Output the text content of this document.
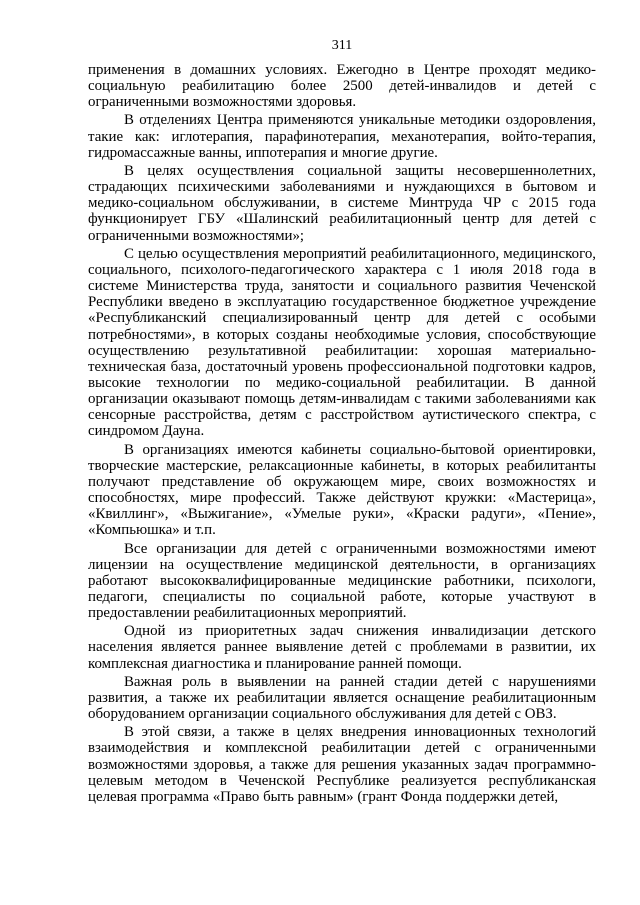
311

применения в домашних условиях. Ежегодно в Центре проходят медико-социальную реабилитацию более 2500 детей-инвалидов и детей с ограниченными возможностями здоровья.

В отделениях Центра применяются уникальные методики оздоровления, такие как: иглотерапия, парафинотерапия, механотерапия, войто-терапия, гидромассажные ванны, иппотерапия и многие другие.

В целях осуществления социальной защиты несовершеннолетних, страдающих психическими заболеваниями и нуждающихся в бытовом и медико-социальном обслуживании, в системе Минтруда ЧР с 2015 года функционирует ГБУ «Шалинский реабилитационный центр для детей с ограниченными возможностями»;

С целью осуществления мероприятий реабилитационного, медицинского, социального, психолого-педагогического характера с 1 июля 2018 года в системе Министерства труда, занятости и социального развития Чеченской Республики введено в эксплуатацию государственное бюджетное учреждение «Республиканский специализированный центр для детей с особыми потребностями», в которых созданы необходимые условия, способствующие осуществлению результативной реабилитации: хорошая материально-техническая база, достаточный уровень профессиональной подготовки кадров, высокие технологии по медико-социальной реабилитации. В данной организации оказывают помощь детям-инвалидам с такими заболеваниями как сенсорные расстройства, детям с расстройством аутистического спектра, с синдромом Дауна.

В организациях имеются кабинеты социально-бытовой ориентировки, творческие мастерские, релаксационные кабинеты, в которых реабилитанты получают представление об окружающем мире, своих возможностях и способностях, мире профессий. Также действуют кружки: «Мастерица», «Квиллинг», «Выжигание», «Умелые руки», «Краски радуги», «Пение», «Компьюшка» и т.п.

Все организации для детей с ограниченными возможностями имеют лицензии на осуществление медицинской деятельности, в организациях работают высококвалифицированные медицинские работники, психологи, педагоги, специалисты по социальной работе, которые участвуют в предоставлении реабилитационных мероприятий.

Одной из приоритетных задач снижения инвалидизации детского населения является раннее выявление детей с проблемами в развитии, их комплексная диагностика и планирование ранней помощи.

Важная роль в выявлении на ранней стадии детей с нарушениями развития, а также их реабилитации является оснащение реабилитационным оборудованием организации социального обслуживания для детей с ОВЗ.

В этой связи, а также в целях внедрения инновационных технологий взаимодействия и комплексной реабилитации детей с ограниченными возможностями здоровья, а также для решения указанных задач программно-целевым методом в Чеченской Республике реализуется республиканская целевая программа «Право быть равным» (грант Фонда поддержки детей,
